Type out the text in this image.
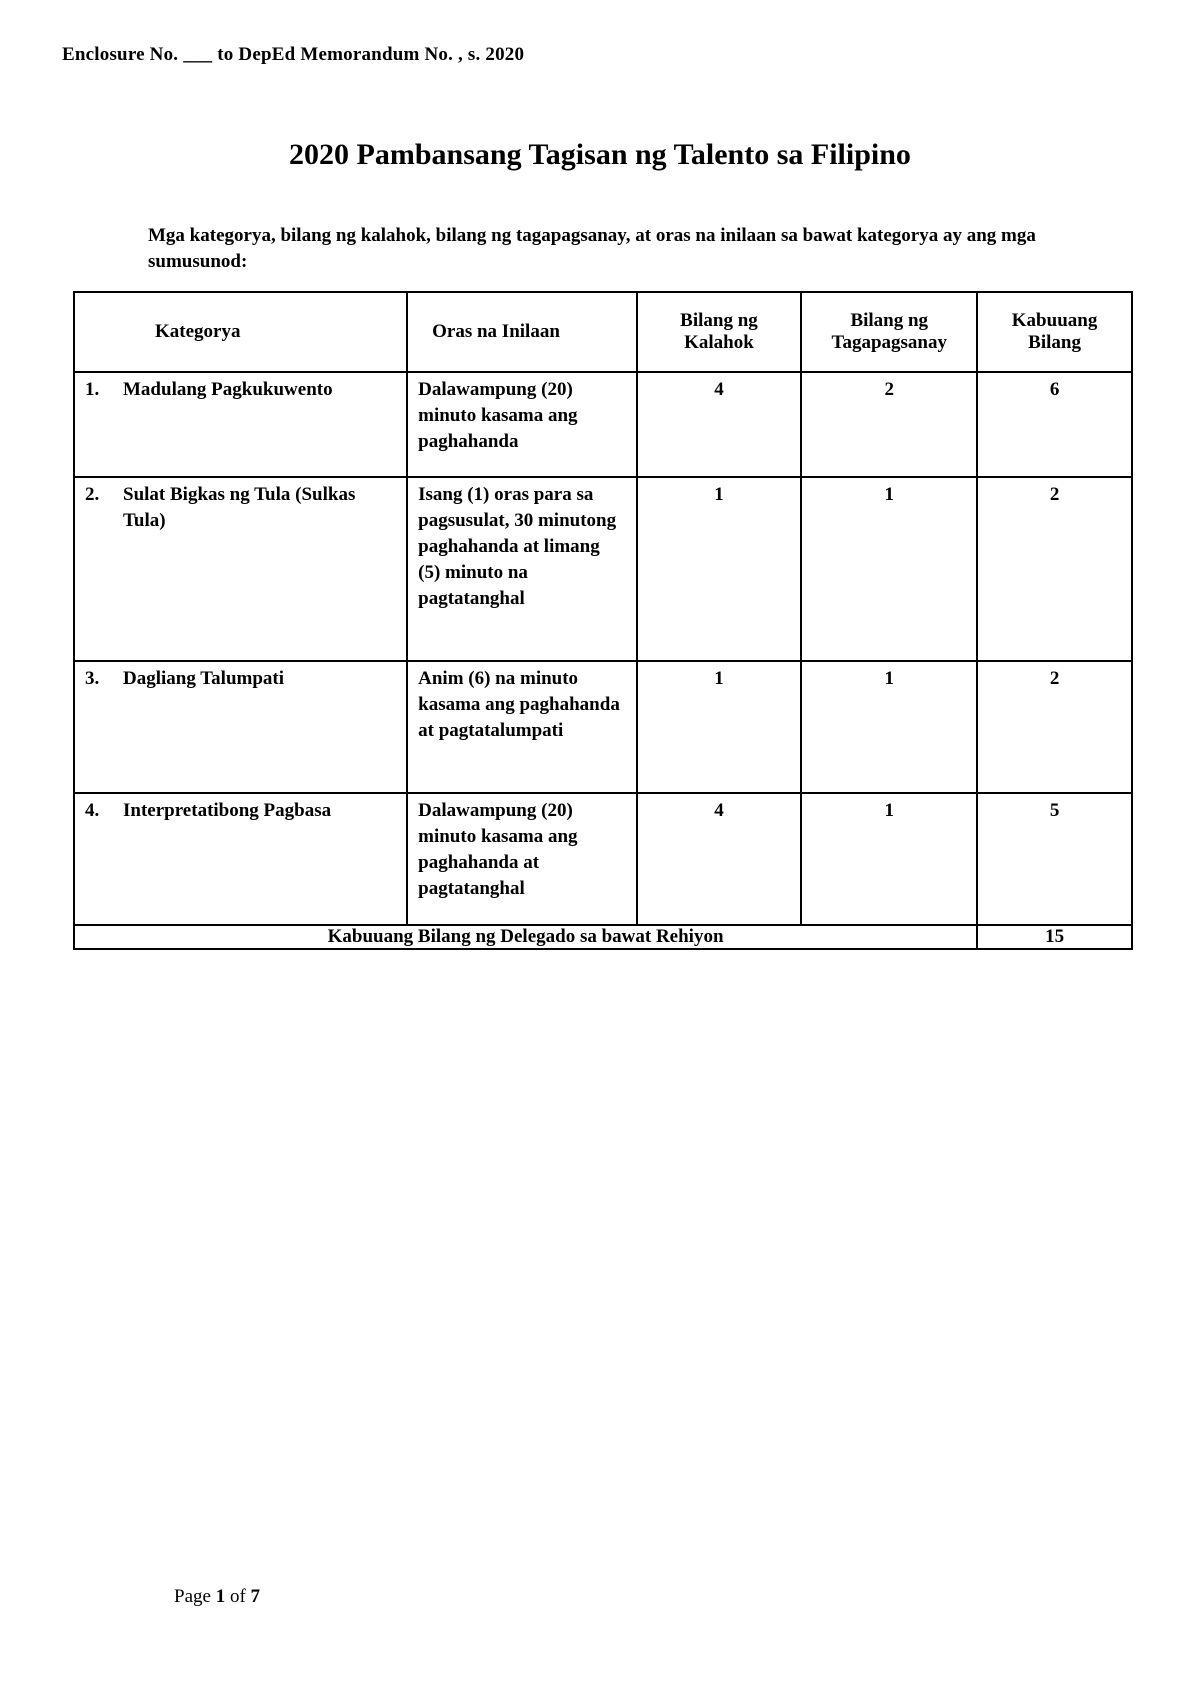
Enclosure No. ___ to DepEd Memorandum No. , s. 2020
2020 Pambansang Tagisan ng Talento sa Filipino
Mga kategorya, bilang ng kalahok, bilang ng tagapagsanay, at oras na inilaan sa bawat kategorya ay ang mga sumusunod:
Kategorya	Oras na Inilaan	Bilang ng Kalahok	Bilang ng Tagapagsanay	Kabuuang Bilang

1. Madulang Pagkukuwento	Dalawampung (20) minuto kasama ang paghahanda	4	2	6

2. Sulat Bigkas ng Tula (Sulkas Tula)	Isang (1) oras para sa pagsusulat, 30 minutong paghahanda at limang (5) minuto na pagtatanghal	1	1	2

3. Dagliang Talumpati	Anim (6) na minuto kasama ang paghahanda at pagtatalumpati	1	1	2

4. Interpretatibong Pagbasa	Dalawampung (20) minuto kasama ang paghahanda at pagtatanghal	4	1	5
Kabuuang Bilang ng Delegado sa bawat Rehiyon				15
Page 1 of 7
